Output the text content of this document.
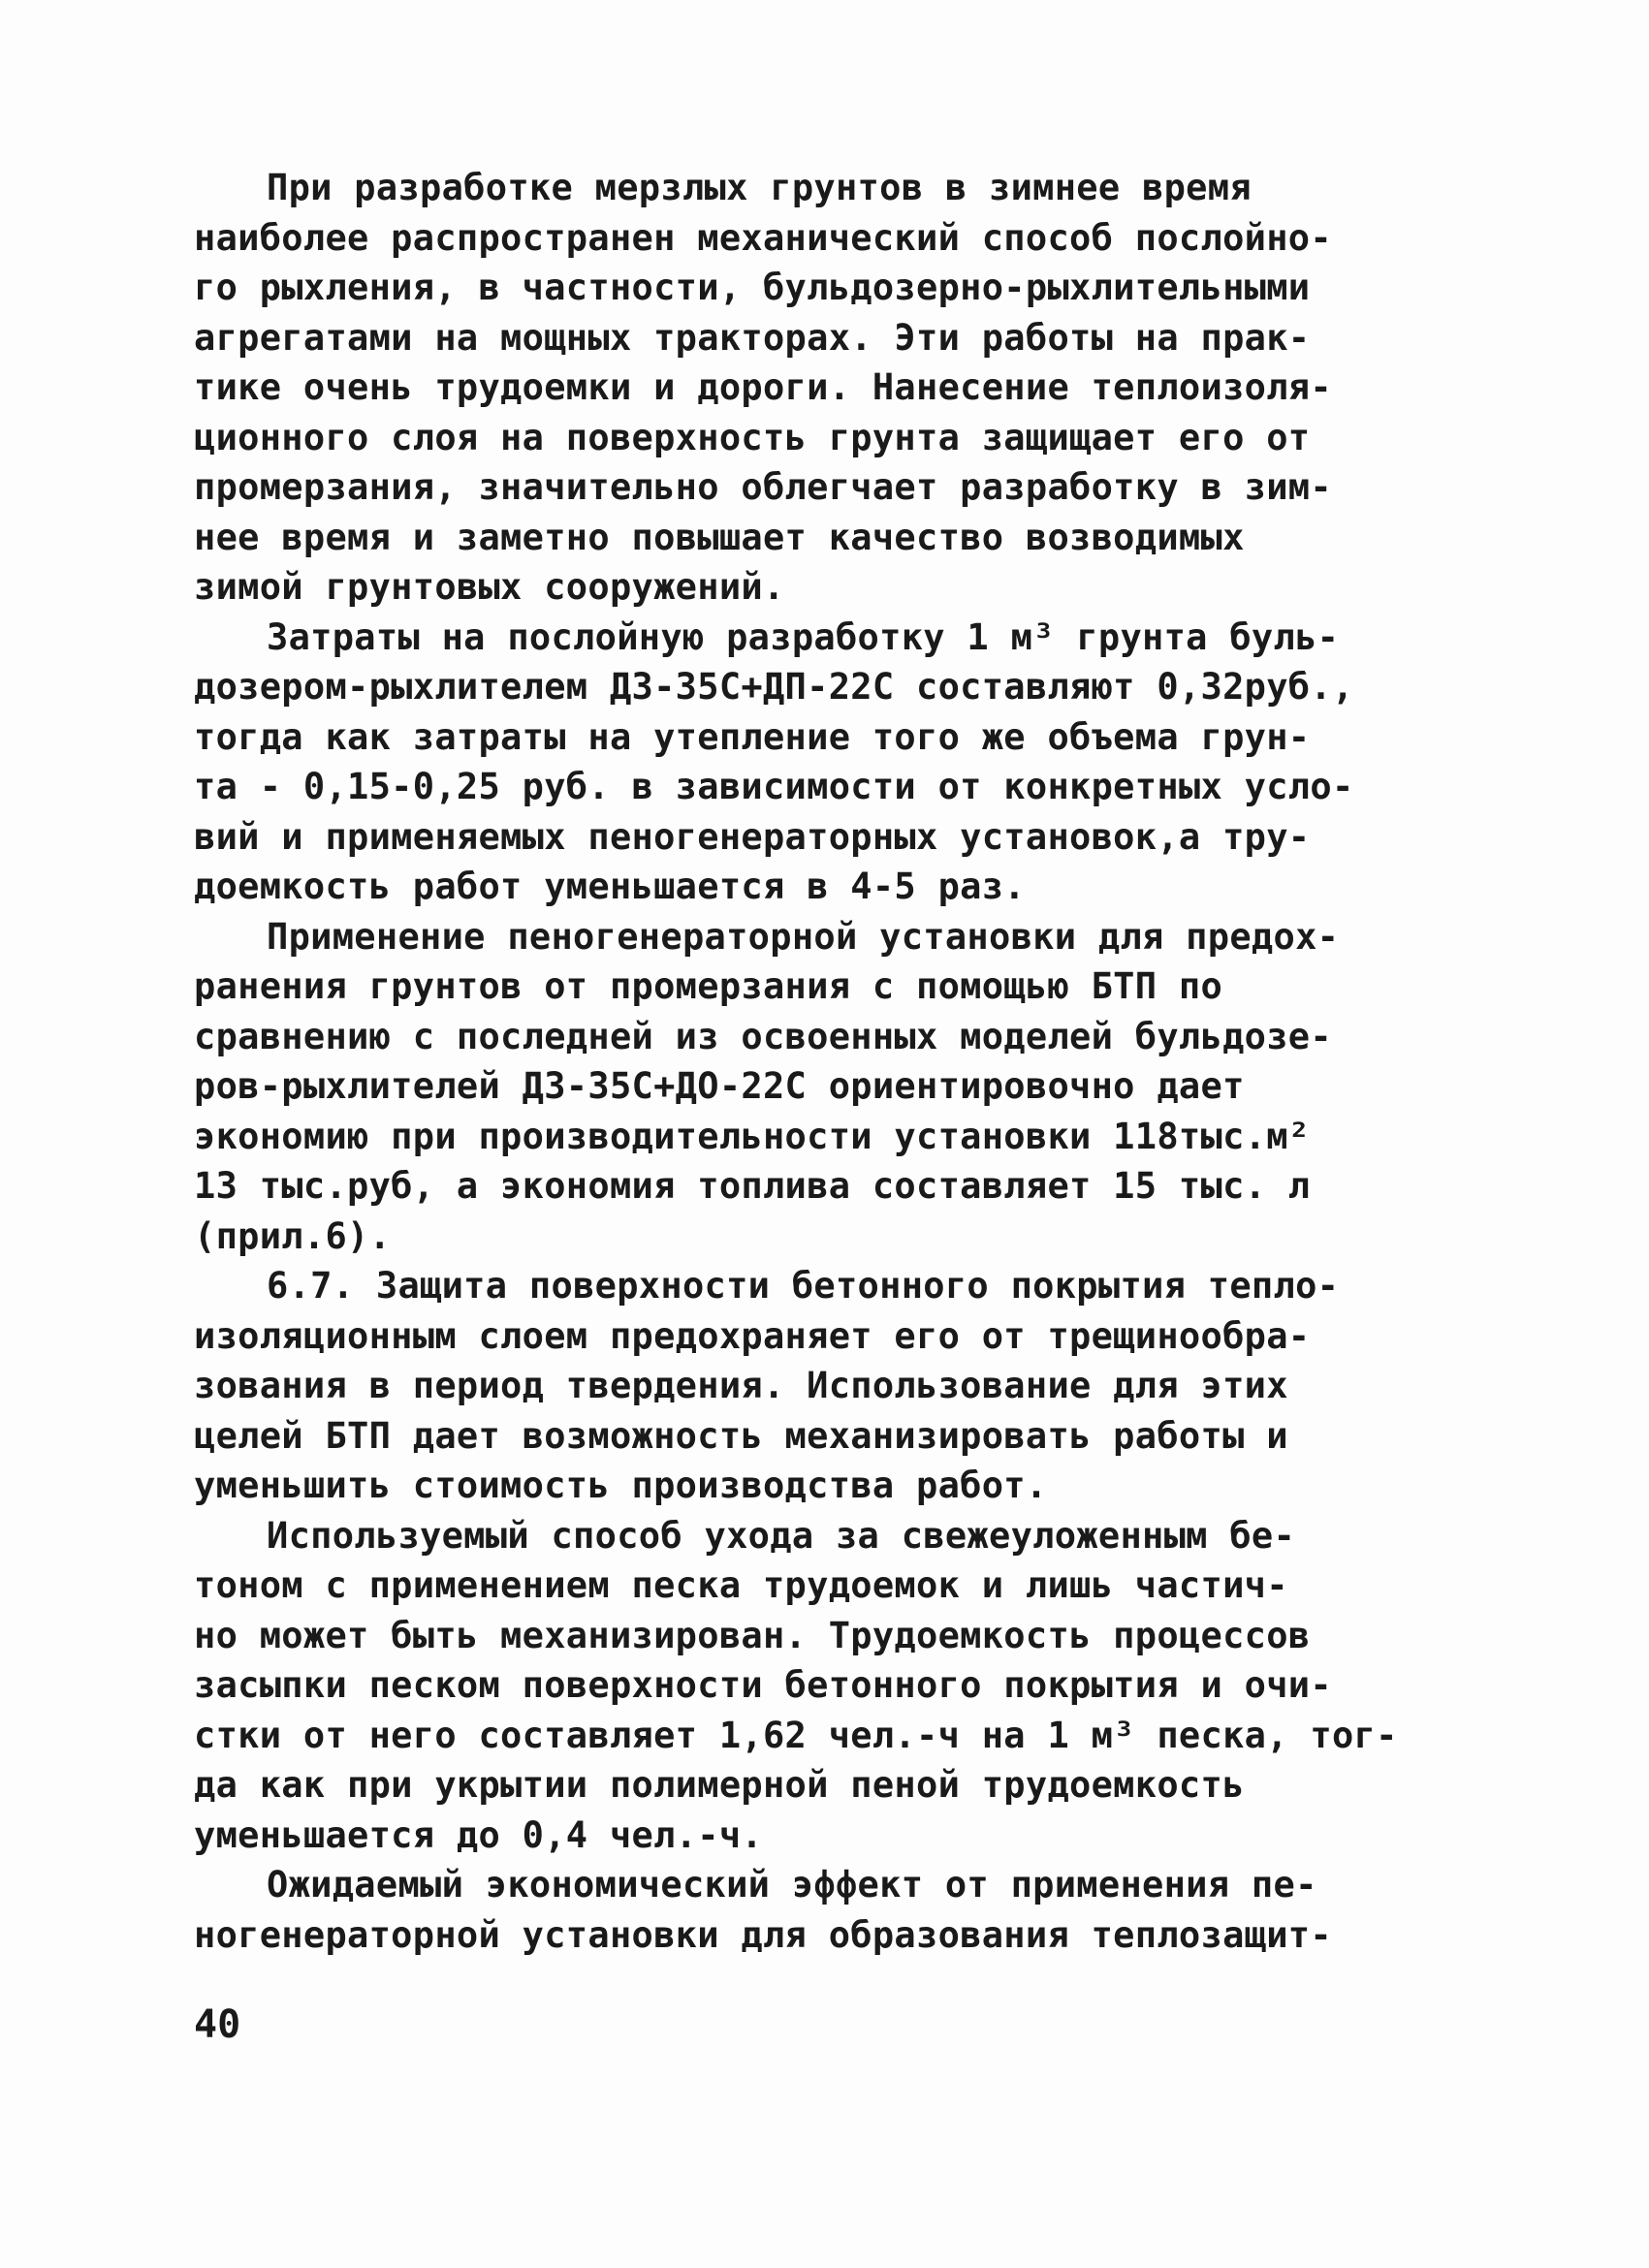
При разработке мерзлых грунтов в зимнее время
наиболее распространен механический способ послойно-
го рыхления, в частности, бульдозерно-рыхлительными
агрегатами на мощных тракторах. Эти работы на прак-
тике очень трудоемки и дороги. Нанесение теплоизоля-
ционного слоя на поверхность грунта защищает его от
промерзания, значительно облегчает разработку в зим-
нее время и заметно повышает качество возводимых
зимой грунтовых сооружений.
Затраты на послойную разработку 1 м³ грунта буль-
дозером-рыхлителем ДЗ-35С+ДП-22С составляют 0,32руб.,
тогда как затраты на утепление того же объема грун-
та - 0,15-0,25 руб. в зависимости от конкретных усло-
вий и применяемых пеногенераторных установок,а тру-
доемкость работ уменьшается в 4-5 раз.
Применение пеногенераторной установки для предох-
ранения грунтов от промерзания с помощью БТП по
сравнению с последней из освоенных моделей бульдозе-
ров-рыхлителей ДЗ-35С+ДО-22С ориентировочно дает
экономию при производительности установки 118тыс.м²
13 тыс.руб, а экономия топлива составляет 15 тыс. л
(прил.6).
6.7. Защита поверхности бетонного покрытия тепло-
изоляционным слоем предохраняет его от трещинообра-
зования в период твердения. Использование для этих
целей БТП дает возможность механизировать работы и
уменьшить стоимость производства работ.
Используемый способ ухода за свежеуложенным бе-
тоном с применением песка трудоемок и лишь частич-
но может быть механизирован. Трудоемкость процессов
засыпки песком поверхности бетонного покрытия и очи-
стки от него составляет 1,62 чел.-ч на 1 м³ песка, тог-
да как при укрытии полимерной пеной трудоемкость
уменьшается до 0,4 чел.-ч.
Ожидаемый экономический эффект от применения пе-
ногенераторной установки для образования теплозащит-
40
